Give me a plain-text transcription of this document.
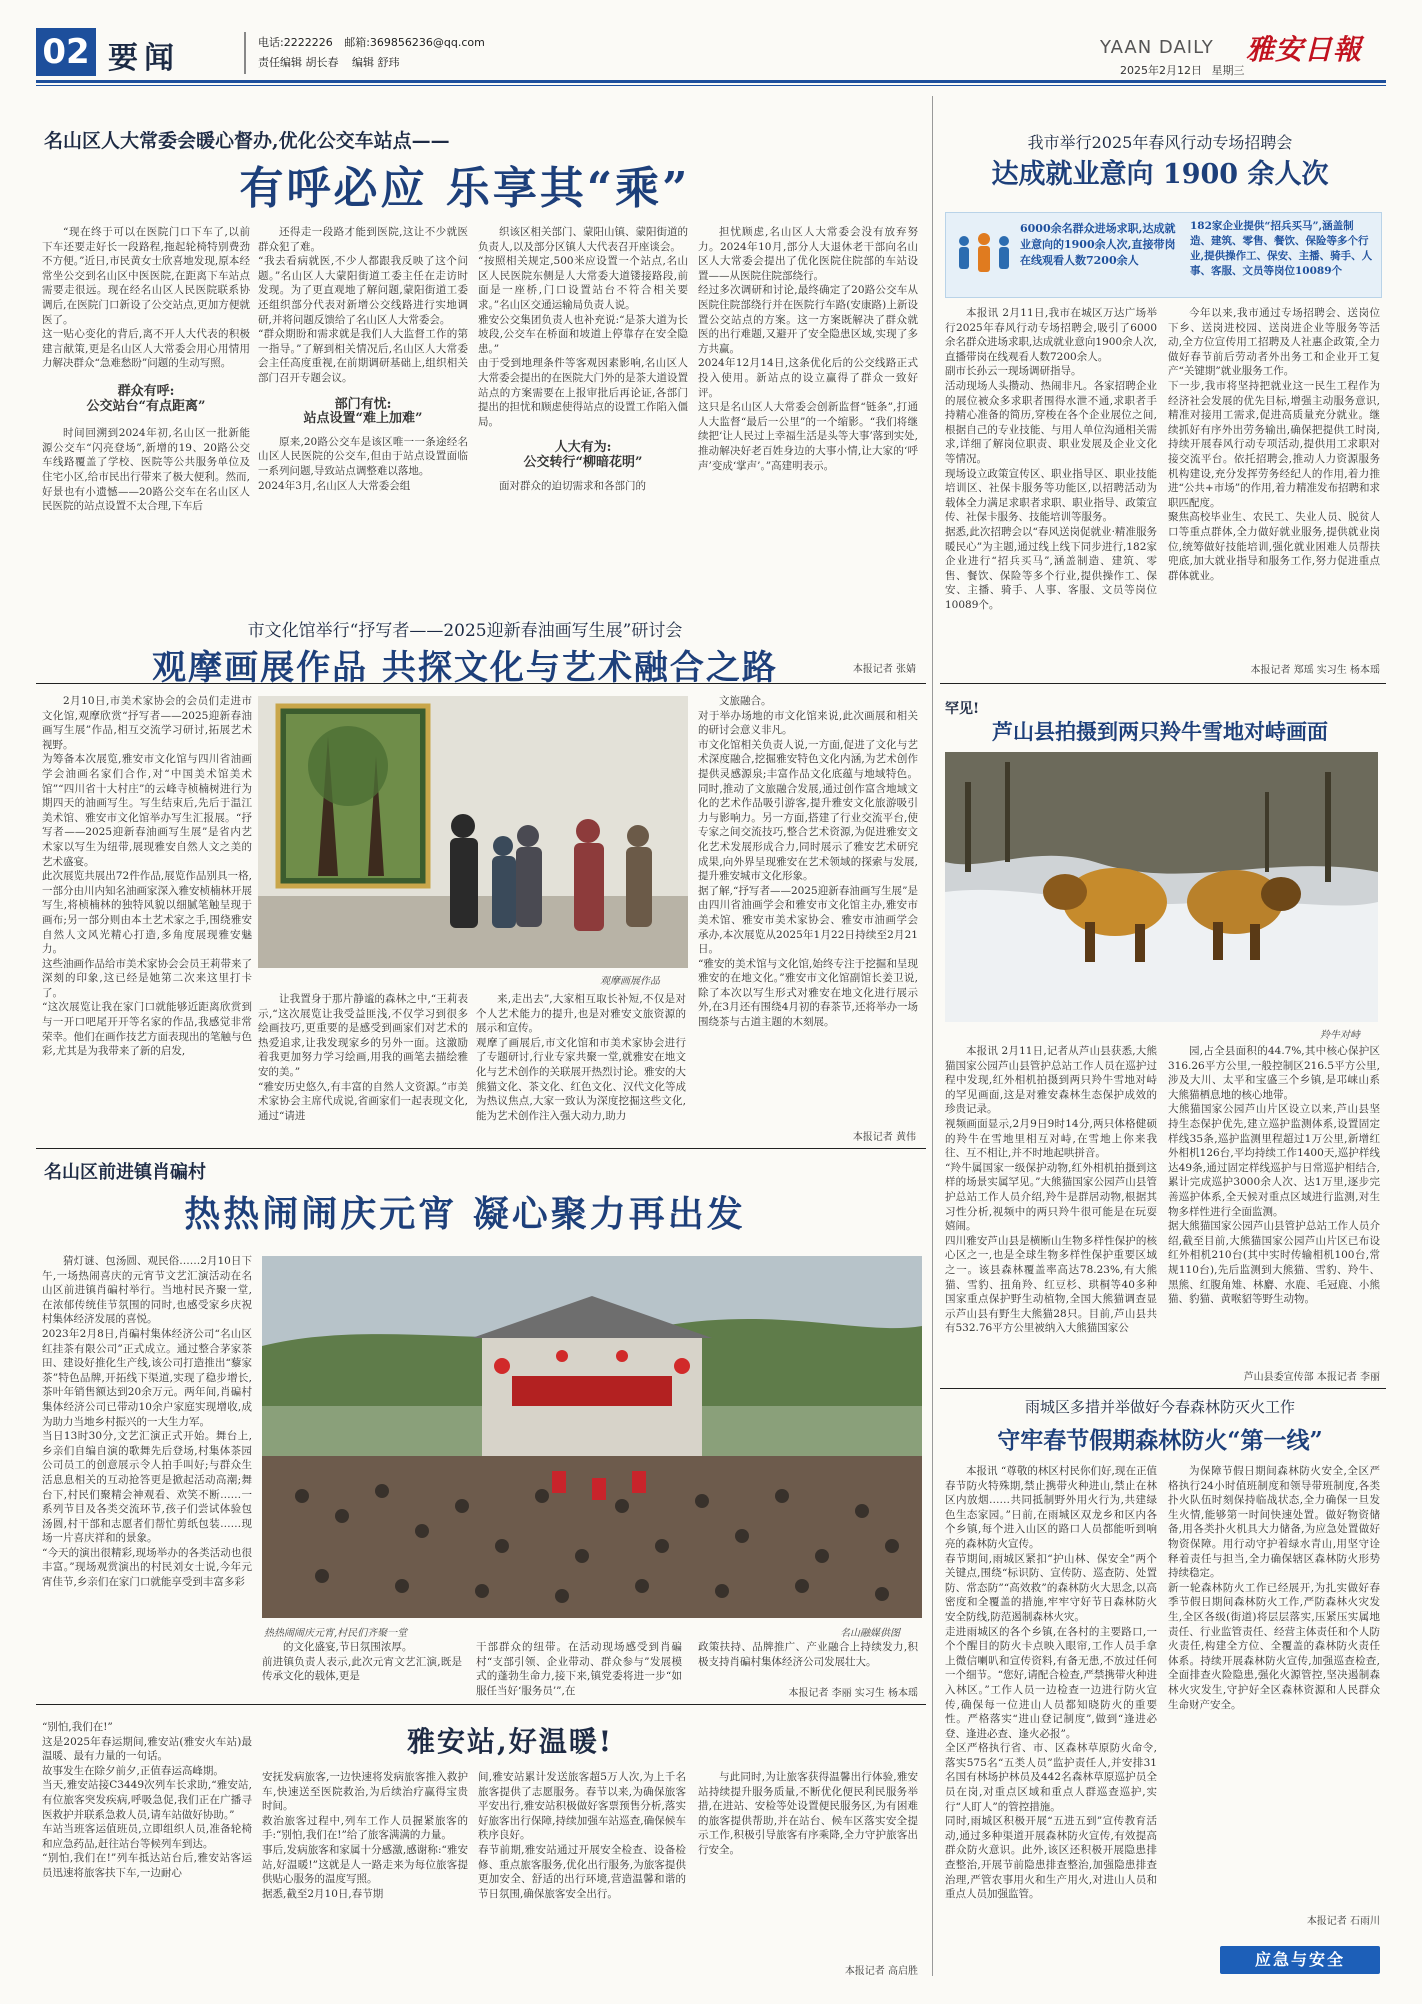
02 要闻	电话:2222226 邮箱:369856236@qq.com
责任编辑 胡长春 编辑 舒玮
YAAN DAILY 雅安日報
2025年2月12日 星期三
名山区人大常委会暖心督办,优化公交车站点——
有呼必应 乐享其“乘”
“现在终于可以在医院门口下车了,以前下车还要走好长一段路程,拖起轮椅特别费劲不方便。”近日,市民黄女士欣喜地发现,原本经常坐公交到名山区中医医院,在距离下车站点需要走很远。现在经名山区人民医院联系协调后,在医院门口新设了公交站点,更加方便就医了。
这一贴心变化的背后,离不开人大代表的积极建言献策,更是名山区人大常委会用心用情用力解决群众“急难愁盼”问题的生动写照。
群众有呼:
公交站台“有点距离”
时间回溯到2024年初,名山区一批新能源公交车“闪亮登场”,新增的19、20路公交车线路覆盖了学校、医院等公共服务单位及住宅小区,给市民出行带来了极大便利。然而,好景也有小遗憾——20路公交车在名山区人民医院的站点设置不太合理,下车后
还得走一段路才能到医院,这让不少就医群众犯了难。
“我去看病就医,不少人都跟我反映了这个问题。”名山区人大蒙阳街道工委主任在走访时发现。为了更直观地了解问题,蒙阳街道工委还组织部分代表对新增公交线路进行实地调研,并将问题反馈给了名山区人大常委会。
“群众期盼和需求就是我们人大监督工作的第一指导。”了解到相关情况后,名山区人大常委会主任高度重视,在前期调研基础上,组织相关部门召开专题会议。
部门有忧:
站点设置“难上加难”
原来,20路公交车是该区唯一一条途经名山区人民医院的公交车,但由于站点设置面临一系列问题,导致站点调整难以落地。
2024年3月,名山区人大常委会组
织该区相关部门、蒙阳山镇、蒙阳街道的负责人,以及部分区镇人大代表召开座谈会。
“按照相关规定,500米应设置一个站点,名山区人民医院东侧是人大常委大道镂接路段,前面是一座桥,门口设置站台不符合相关要求。”名山区交通运输局负责人说。
雅安公交集团负责人也补充说:“是茶大道为长坡段,公交车在桥面和坡道上停靠存在安全隐患。”
由于受到地理条件等客观因素影响,名山区人大常委会提出的在医院大门外的是茶大道设置站点的方案需要在上报审批后再论证,各部门提出的担忧和顾虑使得站点的设置工作陷入僵局。
人大有为:
公交转行“柳暗花明”
面对群众的迫切需求和各部门的
担忧顾虑,名山区人大常委会没有放弃努力。2024年10月,部分人大退休老干部向名山区人大常委会提出了优化医院住院部的车站设置——从医院住院部绕行。
经过多次调研和讨论,最终确定了20路公交车从医院住院部绕行并在医院行车路(安康路)上新设置公交站点的方案。这一方案既解决了群众就医的出行难题,又避开了安全隐患区域,实现了多方共赢。
2024年12月14日,这条优化后的公交线路正式投入使用。新站点的设立赢得了群众一致好评。
这只是名山区人大常委会创新监督“链条”,打通人大监督“最后一公里”的一个缩影。“我们将继续把‘让人民过上幸福生活是头等大事’落到实处,推动解决好老百姓身边的大事小情,让大家的‘呼声’变成‘掌声’。”高建明表示。
本报记者 张婧
我市举行2025年春风行动专场招聘会
达成就业意向 1900 余人次
6000余名群众进场求职,达成就业意向的1900余人次,直接带岗在线观看人数7200余人
182家企业提供“招兵买马”,涵盖制造、建筑、零售、餐饮、保险等多个行业,提供操作工、保安、主播、骑手、人事、客服、文员等岗位10089个
本报讯 2月11日,我市在城区万达广场举行2025年春风行动专场招聘会,吸引了6000余名群众进场求职,达成就业意向1900余人次,直播带岗在线观看人数7200余人。
副市长孙云一现场调研指导。
活动现场人头攒动、热闹非凡。各家招聘企业的展位被众多求职者围得水泄不通,求职者手持精心准备的简历,穿梭在各个企业展位之间,根据自己的专业技能、与用人单位沟通相关需求,详细了解岗位职责、职业发展及企业文化等情况。
现场设立政策宣传区、职业指导区、职业技能培训区、社保卡服务等功能区,以招聘活动为载体全力满足求职者求职、职业指导、政策宣传、社保卡服务、技能培训等服务。
据悉,此次招聘会以“春风送岗促就业·精准服务暖民心”为主题,通过线上线下同步进行,182家企业进行“招兵买马”,涵盖制造、建筑、零售、餐饮、保险等多个行业,提供操作工、保安、主播、骑手、人事、客服、文员等岗位10089个。
今年以来,我市通过专场招聘会、送岗位下乡、送岗进校园、送岗进企业等服务等活动,全方位宣传用工招聘及人社惠企政策,全力做好春节前后劳动者外出务工和企业开工复产“关键期”就业服务工作。
下一步,我市将坚持把就业这一民生工程作为经济社会发展的优先目标,增强主动服务意识,精准对接用工需求,促进高质量充分就业。继续抓好有序外出劳务输出,确保把提供工时岗,持续开展春风行动专项活动,提供用工求职对接交流平台。依托招聘会,推动人力资源服务机构建设,充分发挥劳务经纪人的作用,着力推进“公共+市场”的作用,着力精准发布招聘和求职匹配度。
聚焦高校毕业生、农民工、失业人员、脱贫人口等重点群体,全力做好就业服务,提供就业岗位,统筹做好技能培训,强化就业困难人员帮扶兜底,加大就业指导和服务工作,努力促进重点群体就业。
本报记者 郑瑶 实习生 杨本瑶
市文化馆举行“抒写者——2025迎新春油画写生展”研讨会
观摩画展作品 共探文化与艺术融合之路
2月10日,市美术家协会的会员们走进市文化馆,观摩欣赏“抒写者——2025迎新春油画写生展”作品,相互交流学习研讨,拓展艺术视野。
为筹备本次展览,雅安市文化馆与四川省油画学会油画名家们合作,对“中国美术馆美术馆”“四川省十大村庄”的云峰寺桢楠树进行为期四天的油画写生。写生结束后,先后于温江美术馆、雅安市文化馆举办写生汇报展。“抒写者——2025迎新春油画写生展”是省内艺术家以写生为纽带,展现雅安自然人文之美的艺术盛宴。
此次展览共展出72件作品,展览作品别具一格,一部分由川内知名油画家深入雅安桢楠林开展写生,将桢楠林的独特风貌以细腻笔触呈现于画布;另一部分则由本土艺术家之手,围绕雅安自然人文风光精心打造,多角度展现雅安魅力。
这些油画作品给市美术家协会会员王莉带来了深刻的印象,这已经是她第二次来这里打卡了。
“这次展览让我在家门口就能够近距离欣赏到与一开口吧尾开开等名家的作品,我感觉非常荣幸。他们在画作技艺方面表现出的笔触与色彩,尤其是为我带来了新的启发,
观摩画展作品
让我置身于那片静谧的森林之中,“王莉表示,“这次展览让我受益匪浅,不仅学习到很多绘画技巧,更重要的是感受到画家们对艺术的热爱追求,让我发现家乡的另外一面。这激励着我更加努力学习绘画,用我的画笔去描绘雅安的美。”
“雅安历史悠久,有丰富的自然人文资源。”市美术家协会主席代成说,省画家们一起表现文化,通过“请进
来,走出去”,大家相互取长补短,不仅是对个人艺术能力的提升,也是对雅安文旅资源的展示和宣传。
观摩了画展后,市文化馆和市美术家协会进行了专题研讨,行业专家共聚一堂,就雅安在地文化与艺术创作的关联展开热烈讨论。雅安的大熊猫文化、茶文化、红色文化、汉代文化等成为热议焦点,大家一致认为深度挖掘这些文化,能为艺术创作注入强大动力,助力
文旅融合。
对于举办场地的市文化馆来说,此次画展和相关的研讨会意义非凡。
市文化馆相关负责人说,一方面,促进了文化与艺术深度融合,挖掘雅安特色文化内涵,为艺术创作提供灵感源泉;丰富作品文化底蕴与地域特色。同时,推动了文旅融合发展,通过创作富含地域文化的艺术作品吸引游客,提升雅安文化旅游吸引力与影响力。另一方面,搭建了行业交流平台,使专家之间交流技巧,整合艺术资源,为促进雅安文化艺术发展形成合力,同时展示了雅安艺术研究成果,向外界呈现雅安在艺术领域的探索与发展,提升雅安城市文化形象。
据了解,“抒写者——2025迎新春油画写生展”是由四川省油画学会和雅安市文化馆主办,雅安市美术馆、雅安市美术家协会、雅安市油画学会承办,本次展览从2025年1月22日持续至2月21日。
“雅安的美术馆与文化馆,始终专注于挖掘和呈现雅安的在地文化。”雅安市文化馆副馆长姜卫说,除了本次以写生形式对雅安在地文化进行展示外,在3月还有围绕4月初的春茶节,还将举办一场围绕茶与古道主题的木刻展。
本报记者 黄伟
罕见!
芦山县拍摄到两只羚牛雪地对峙画面
羚牛对峙
本报讯 2月11日,记者从芦山县获悉,大熊猫国家公园芦山县管护总站工作人员在巡护过程中发现,红外相机拍摄到两只羚牛雪地对峙的罕见画面,这是对雅安森林生态保护成效的珍贵记录。
视频画面显示,2月9日9时14分,两只体格健硕的羚牛在雪地里相互对峙,在雪地上你来我往、互不相让,并不时地起哄拼音。
“羚牛属国家一级保护动物,红外相机拍摄到这样的场景实属罕见。”大熊猫国家公园芦山县管护总站工作人员介绍,羚牛是群居动物,根据其习性分析,视频中的两只羚牛很可能是在玩耍嬉闹。
四川雅安芦山县是横断山生物多样性保护的核心区之一,也是全球生物多样性保护重要区域之一。该县森林覆盖率高达78.23%,有大熊猫、雪豹、扭角羚、红豆杉、珙桐等40多种国家重点保护野生动植物,全国大熊猫调查显示芦山县有野生大熊猫28只。目前,芦山县共有532.76平方公里被纳入大熊猫国家公
园,占全县面积的44.7%,其中核心保护区316.26平方公里,一般控制区216.5平方公里,涉及大川、太平和宝盛三个乡镇,是邛崃山系大熊猫栖息地的核心地带。
大熊猫国家公园芦山片区设立以来,芦山县坚持生态保护优先,建立巡护监测体系,设置固定样线35条,巡护监测里程超过1万公里,新增红外相机126台,平均持续工作1400天,巡护样线达49条,通过固定样线巡护与日常巡护相结合,累计完成巡护3000余人次、达1万里,逐步完善巡护体系,全天候对重点区域进行监测,对生物多样性进行全面监测。
据大熊猫国家公园芦山县管护总站工作人员介绍,截至目前,大熊猫国家公园芦山片区已布设红外相机210台(其中实时传输相机100台,常规110台),先后监测到大熊猫、雪豹、羚牛、黑熊、红腹角雉、林麝、水鹿、毛冠鹿、小熊猫、豹猫、黄喉貂等野生动物。
芦山县委宣传部 本报记者 李丽
名山区前进镇肖碥村
热热闹闹庆元宵 凝心聚力再出发
猜灯谜、包汤圆、观民俗……2月10日下午,一场热闹喜庆的元宵节文艺汇演活动在名山区前进镇肖碥村举行。当地村民齐聚一堂,在浓郁传统佳节氛围的同时,也感受家乡庆祝村集体经济发展的喜悦。
2023年2月8日,肖碥村集体经济公司“名山区红挂茶有限公司”正式成立。通过整合茅家茶田、建设好推化生产线,该公司打造推出“藜家茶”特色品牌,开拓线下渠道,实现了稳步增长,茶叶年销售额达到20余万元。两年间,肖碥村集体经济公司已带动10余户家庭实现增收,成为助力当地乡村振兴的一大生力军。
当日13时30分,文艺汇演正式开始。舞台上,乡亲们自编自演的歌舞先后登场,村集体茶园公司员工的创意展示令人拍手叫好;与群众生活息息相关的互动抢答更是掀起活动高潮;舞台下,村民们聚精会神观看、欢笑不断……一系列节目及各类交流环节,孩子们尝试体验包汤圆,村干部和志愿者们帮忙剪纸包装……现场一片喜庆祥和的景象。
“今天的演出很精彩,现场举办的各类活动也很丰富。”现场观赏演出的村民刘女士说,今年元宵佳节,乡亲们在家门口就能享受到丰富多彩
热热闹闹庆元宵,村民们齐聚一堂	名山融媒供图
的文化盛宴,节日氛围浓厚。
前进镇负责人表示,此次元宵文艺汇演,既是传承文化的载体,更是
干部群众的纽带。在活动现场感受到肖碥村“支部引领、企业带动、群众参与”发展模式的蓬勃生命力,接下来,镇党委将进一步“如服任当好‘服务员’”,在
政策扶持、品牌推广、产业融合上持续发力,积极支持肖碥村集体经济公司发展壮大。
本报记者 李丽 实习生 杨本瑶
雨城区多措并举做好今春森林防灭火工作
守牢春节假期森林防火“第一线”
本报讯 “尊敬的林区村民你们好,现在正值春节防火特殊期,禁止携带火种进山,禁止在林区内放烟……共同抵制野外用火行为,共建绿色生态家园。”日前,在雨城区双龙乡和区内各个乡镇,每个进入山区的路口人员都能听到响亮的森林防火宣传。
春节期间,雨城区紧扣“护山林、保安全”两个关键点,围绕“标识防、宣传防、巡查防、处置防、常态防”“高效救”的森林防火大思念,以高密度和全覆盖的措施,牢牢守好节日森林防火安全防线,防范遏制森林火灾。
走进雨城区的各个乡镇,在各村的主要路口,一个个醒目的防火卡点映入眼帘,工作人员手拿上微信喇叭和宣传资料,有备无患,不放过任何一个细节。“您好,请配合检查,严禁携带火种进入林区。”工作人员一边检查一边进行防火宣传,确保每一位进山人员都知晓防火的重要性。严格落实“进山登记制度”,做到“逢进必登、逢进必查、逢火必报”。
全区严格执行省、市、区森林草原防火命令,落实575名“五类人员”监护责任人,并安排31名国有林场护林员及442名森林草原巡护员全员在岗,对重点区域和重点人群巡查巡护,实行“人盯人”的管控措施。
同时,雨城区积极开展“五进五到”宣传教育活动,通过多种渠道开展森林防火宣传,有效提高群众防火意识。此外,该区还积极开展隐患排查整治,开展节前隐患排查整治,加强隐患排查治理,严管农事用火和生产用火,对进山人员和重点人员加强监管。
为保障节假日期间森林防火安全,全区严格执行24小时值班制度和领导带班制度,各类扑火队伍时刻保持临战状态,全力确保一旦发生火情,能够第一时间快速处置。做好物资储备,用各类扑火机具大力储备,为应急处置做好物资保障。用行动守护着绿水青山,用坚守诠释着责任与担当,全力确保辖区森林防火形势持续稳定。
新一轮森林防火工作已经展开,为扎实做好春季节假日期间森林防火工作,严防森林火灾发生,全区各级(街道)将层层落实,压紧压实属地责任、行业监管责任、经营主体责任和个人防火责任,构建全方位、全覆盖的森林防火责任体系。持续开展森林防火宣传,加强巡查检查,全面排查火险隐患,强化火源管控,坚决遏制森林火灾发生,守护好全区森林资源和人民群众生命财产安全。
本报记者 石雨川
应急与安全
雅安站,好温暖!
“别怕,我们在!”
这是2025年春运期间,雅安站(雅安火车站)最温暖、最有力量的一句话。
故事发生在除夕前夕,正值春运高峰期。
当天,雅安站接C3449次列车长求助,“雅安站,有位旅客突发疾病,呼吸急促,我们正在广播寻医救护并联系急救人员,请车站做好协助。”
车站当班客运值班员,立即组织人员,准备轮椅和应急药品,赶往站台等候列车到达。
“别怕,我们在!”列车抵达站台后,雅安站客运员迅速将旅客扶下车,一边耐心
安抚发病旅客,一边快速将发病旅客推入救护车,快速送至医院救治,为后续治疗赢得宝贵时间。
救治旅客过程中,列车工作人员握紧旅客的手:“别怕,我们在!”给了旅客满满的力量。
事后,发病旅客和家属十分感激,感谢称:“雅安站,好温暖!”这就是人一路走来为每位旅客提供贴心服务的温度写照。
据悉,截至2月10日,春节期
间,雅安站累计发送旅客超5万人次,为上千名旅客提供了志愿服务。春节以来,为确保旅客平安出行,雅安站积极做好客票预售分析,落实好旅客出行保障,持续加强车站巡查,确保候车秩序良好。
春节前期,雅安站通过开展安全检查、设备检修、重点旅客服务,优化出行服务,为旅客提供更加安全、舒适的出行环境,营造温馨和谐的节日氛围,确保旅客安全出行。
与此同时,为让旅客获得温馨出行体验,雅安站持续提升服务质量,不断优化便民利民服务举措,在进站、安检等处设置便民服务区,为有困难的旅客提供帮助,并在站台、候车区落实安全提示工作,积极引导旅客有序乘降,全力守护旅客出行安全。
本报记者 高启胜
